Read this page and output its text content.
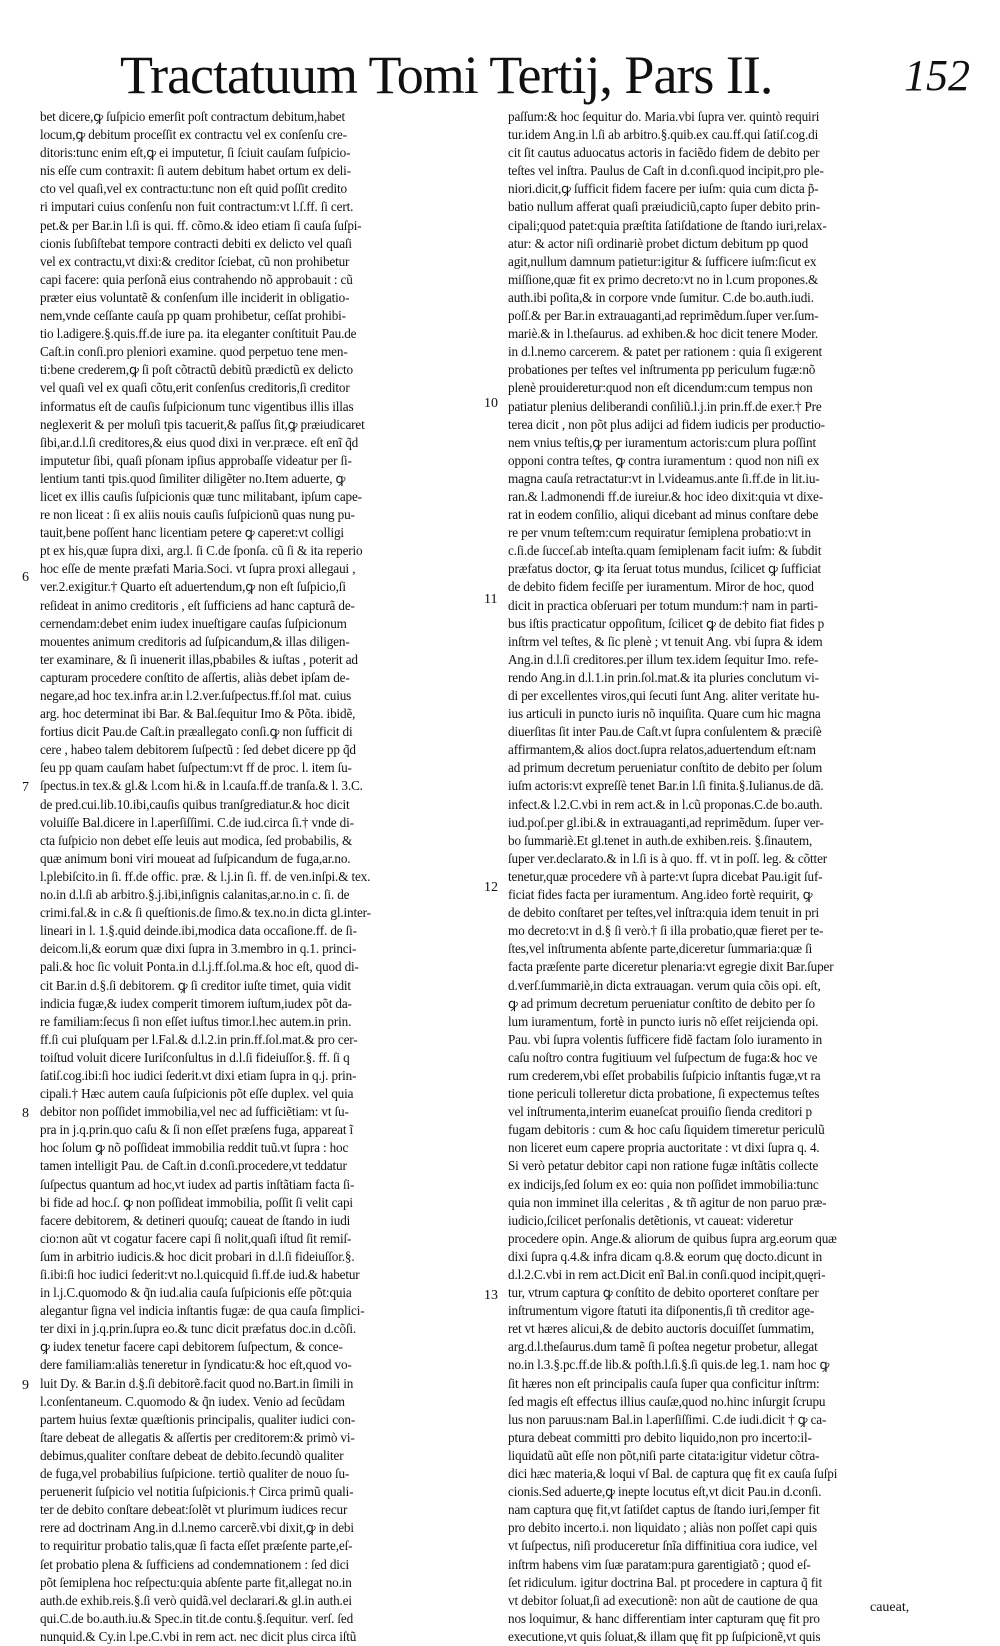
Tractatuum Tomi Tertij, Pars II.	152
bet dicere,ꝙ ſuſpicio emerſit poſt contractum debitum,habet
locum,ꝙ debitum proceſſit ex contractu vel ex conſenſu cre-
ditoris:tunc enim eſt,ꝙ ei imputetur, ſi ſciuit cauſam ſuſpicio-
nis eſſe cum contraxit: ſi autem debitum habet ortum ex deli-
cto vel quaſi,vel ex contractu:tunc non eſt quid poſſit credito
ri imputari cuius conſenſu non fuit contractum:vt l.ſ.ff. ſi cert.
pet.& per Bar.in l.ſi is qui. ff. cõmo.& ideo etiam ſi cauſa ſuſpi-
cionis ſubſiſtebat tempore contracti debiti ex delicto vel quaſi
vel ex contractu,vt dixi:& creditor ſciebat, cũ non prohibetur
capi facere: quia perſonã eius contrahendo nõ approbauit : cũ
præter eius voluntatẽ & conſenſum ille inciderit in obligatio-
nem,vnde ceſſante cauſa pp quam prohibetur, ceſſat prohibi-
tio l.adigere.§.quis.ff.de iure pa. ita eleganter conſtituit Pau.de
Caſt.in conſi.pro pleniori examine. quod perpetuo tene men-
ti:bene crederem,ꝙ ſi poſt cõtractũ debitũ prædictũ ex delicto
vel quaſi vel ex quaſi cõtu,erit conſenſus creditoris,ſi creditor
informatus eſt de cauſis ſuſpicionum tunc vigentibus illis illas
neglexerit & per moluſi tpis tacuerit,& paſſus ſit,ꝙ præiudicaret
ſibi,ar.d.l.ſi creditores,& eius quod dixi in ver.præce. eſt enĩ q̃d
imputetur ſibi, quaſi pſonam ipſius approbaſſe videatur per ſi-
lentium tanti tpis.quod ſimiliter diligẽter no.Item aduerte, ꝙ
licet ex illis cauſis ſuſpicionis quæ tunc militabant, ipſum cape-
re non liceat : ſi ex aliis nouis cauſis ſuſpicionũ quas nung pu-
tauit,bene poſſent hanc licentiam petere ꝙ caperet:vt colligi
pt ex his,quæ ſupra dixi, arg.l. ſi C.de ſponſa. cũ ſi & ita reperio
hoc eſſe de mente præfati Maria.Soci. vt ſupra proxi allegaui ,
ver.2.exigitur.† Quarto eſt aduertendum,ꝙ non eſt ſuſpicio,ſi
reſideat in animo creditoris , eſt ſufficiens ad hanc capturã de-
cernendam:debet enim iudex inueſtigare cauſas ſuſpicionum
mouentes animum creditoris ad ſuſpicandum,& illas diligen-
ter examinare, & ſi inuenerit illas,pbabiles & iuſtas , poterit ad
capturam procedere conſtito de aſſertis, aliàs debet ipſam de-
negare,ad hoc tex.infra ar.in l.2.ver.ſuſpectus.ff.ſol mat. cuius
arg. hoc determinat ibi Bar. & Bal.ſequitur Imo & Põta. ibidẽ,
fortius dicit Pau.de Caſt.in præallegato conſi.ꝙ non ſufficit di
cere , habeo talem debitorem ſuſpectũ : ſed debet dicere pp q̃d
ſeu pp quam cauſam habet ſuſpectum:vt ff de proc. l. item ſu-
ſpectus.in tex.& gl.& l.com hi.& in l.cauſa.ff.de tranſa.& l. 3.C.
de pred.cui.lib.10.ibi,cauſis quibus tranſgrediatur.& hoc dicit
voluiſſe Bal.dicere in l.aperſiſſimi. C.de iud.circa ſi.† vnde di-
cta ſuſpicio non debet eſſe leuis aut modica, ſed probabilis, &
quæ animum boni viri moueat ad ſuſpicandum de fuga,ar.no.
l.plebiſcito.in ſi. ff.de offic. præ. & l.j.in ſi. ff. de ven.inſpi.& tex.
no.in d.l.ſi ab arbitro.§.j.ibi,inſignis calanitas,ar.no.in c. ſi. de
crimi.fal.& in c.& ſi queſtionis.de ſimo.& tex.no.in dicta gl.inter-
lineari in l. 1.§.quid deinde.ibi,modica data occaſione.ff. de ſi-
deicom.li,& eorum quæ dixi ſupra in 3.membro in q.1. princi-
pali.& hoc ſic voluit Ponta.in d.l.j.ff.ſol.ma.& hoc eſt, quod di-
cit Bar.in d.§.ſi debitorem. ꝙ ſi creditor iuſte timet, quia vidit
indicia fugæ,& iudex comperit timorem iuſtum,iudex põt da-
re familiam:ſecus ſi non eſſet iuſtus timor.l.hec autem.in prin.
ff.ſi cui pluſquam per l.Fal.& d.l.2.in prin.ff.ſol.mat.& pro cer-
toiſtud voluit dicere Iuriſconſultus in d.l.ſi fideiuſſor.§. ff. ſi q
ſatiſ.cog.ibi:ſi hoc iudici ſederit.vt dixi etiam ſupra in q.j. prin-
cipali.† Hæc autem cauſa ſuſpicionis põt eſſe duplex. vel quia
debitor non poſſidet immobilia,vel nec ad ſufficiẽtiam: vt ſu-
pra in j.q.prin.quo caſu & ſi non eſſet præſens fuga, appareat ĩ
hoc ſolum ꝙ nõ poſſideat immobilia reddit tuũ.vt ſupra : hoc
tamen intelligit Pau. de Caſt.in d.conſi.procedere,vt teddatur
ſuſpectus quantum ad hoc,vt iudex ad partis inſtãtiam facta ſi-
bi fide ad hoc.ſ. ꝙ non poſſideat immobilia, poſſit ſi velit capi
facere debitorem, & detineri quouſq; caueat de ſtando in iudi
cio:non aũt vt cogatur facere capi ſi nolit,quaſi iſtud ſit remiſ-
ſum in arbitrio iudicis.& hoc dicit probari in d.l.ſi fideiuſſor.§.
ſi.ibi:ſi hoc iudici ſederit:vt no.l.quicquid ſi.ff.de iud.& habetur
in l.j.C.quomodo & q̃n iud.alia cauſa ſuſpicionis eſſe põt:quia
alegantur ſigna vel indicia inſtantis fugæ: de qua cauſa ſimplici-
ter dixi in j.q.prin.ſupra eo.& tunc dicit præfatus doc.in d.cõſi.
ꝙ iudex tenetur facere capi debitorem ſuſpectum, & conce-
dere familiam:aliàs teneretur in ſyndicatu:& hoc eſt,quod vo-
luit Dy. & Bar.in d.§.ſi debitorẽ.facit quod no.Bart.in ſimili in
l.conſentaneum. C.quomodo & q̃n iudex. Venio ad ſecũdam
partem huius ſextæ quæſtionis principalis, qualiter iudici con-
ſtare debeat de allegatis & aſſertis per creditorem:& primò vi-
debimus,qualiter conſtare debeat de debito.ſecundò qualiter
de fuga,vel probabilius ſuſpicione. tertiò qualiter de nouo ſu-
peruenerit ſuſpicio vel notitia ſuſpicionis.† Circa primũ quali-
ter de debito conſtare debeat:ſolẽt vt plurimum iudices recur
rere ad doctrinam Ang.in d.l.nemo carcerẽ.vbi dixit,ꝙ in debi
to requiritur probatio talis,quæ ſi facta eſſet præſente parte,eſ-
ſet probatio plena & ſufficiens ad condemnationem : ſed dici
põt ſemiplena hoc reſpectu:quia abſente parte fit,allegat no.in
auth.de exhib.reis.§.ſi verò quidã.vel declarari.& gl.in auth.ei
qui.C.de bo.auth.iu.& Spec.in tit.de contu.§.ſequitur. verſ. ſed
nunquid.& Cy.in l.pe.C.vbi in rem act. nec dicit plus circa iſtũ
paſſum:& hoc ſequitur do. Maria.vbi ſupra ver. quintò requiri
tur.idem Ang.in l.ſi ab arbitro.§.quib.ex cau.ff.qui ſatiſ.cog.di
cit ſit cautus aduocatus actoris in faciẽdo fidem de debito per
teſtes vel inſtra. Paulus de Caſt in d.conſi.quod incipit,pro ple-
niori.dicit,ꝙ ſufficit fidem facere per iuſm: quia cum dicta p̃-
batio nullum afferat quaſi præiudiciũ,capto ſuper debito prin-
cipali;quod patet:quia præſtita ſatiſdatione de ſtando iuri,relax-
atur: & actor niſi ordinariè probet dictum debitum pp quod
agit,nullum damnum patietur:igitur & ſufficere iuſm:ſicut ex
miſſione,quæ fit ex primo decreto:vt no in l.cum propones.&
auth.ibi poſita,& in corpore vnde ſumitur. C.de bo.auth.iudi.
poſſ.& per Bar.in extrauaganti,ad reprimẽdum.ſuper ver.ſum-
mariè.& in l.theſaurus. ad exhiben.& hoc dicit tenere Moder.
in d.l.nemo carcerem. & patet per rationem : quia ſi exigerent
probationes per teſtes vel inſtrumenta pp periculum fugæ:nõ
plenè prouideretur:quod non eſt dicendum:cum tempus non
patiatur plenius deliberandi conſiliũ.l.j.in prin.ff.de exer.† Pre
terea dicit , non põt plus adijci ad fidem iudicis per productio-
nem vnius teſtis,ꝙ per iuramentum actoris:cum plura poſſint
opponi contra teſtes, ꝙ contra iuramentum : quod non niſi ex
magna cauſa retractatur:vt in l.videamus.ante ſi.ff.de in lit.iu-
ran.& l.admonendi ff.de iureiur.& hoc ideo dixit:quia vt dixe-
rat in eodem conſilio, aliqui dicebant ad minus conſtare debe
re per vnum teſtem:cum requiratur ſemiplena probatio:vt in
c.ſi.de ſucceſ.ab inteſta.quam ſemiplenam facit iuſm: & ſubdit
præfatus doctor, ꝙ ita ſeruat totus mundus, ſcilicet ꝙ ſufficiat
de debito fidem feciſſe per iuramentum. Miror de hoc, quod
dicit in practica obſeruari per totum mundum:† nam in parti-
bus iſtis practicatur oppoſitum, ſcilicet ꝙ de debito fiat fides p
inſtrm vel teſtes, & ſic plenè ; vt tenuit Ang. vbi ſupra & idem
Ang.in d.l.ſi creditores.per illum tex.idem ſequitur Imo. refe-
rendo Ang.in d.l.1.in prin.ſol.mat.& ita pluries conclutum vi-
di per excellentes viros,qui ſecuti ſunt Ang. aliter veritate hu-
ius articuli in puncto iuris nõ inquiſita. Quare cum hic magna
diuerſitas ſit inter Pau.de Caſt.vt ſupra conſulentem & præciſè
affirmantem,& alios doct.ſupra relatos,aduertendum eſt:nam
ad primum decretum perueniatur conſtito de debito per ſolum
iuſm actoris:vt expreſſè tenet Bar.in l.ſi finita.§.Iulianus.de dã.
infect.& l.2.C.vbi in rem act.& in l.cũ proponas.C.de bo.auth.
iud.poſ.per gl.ibi.& in extrauaganti,ad reprimẽdum. ſuper ver-
bo ſummariè.Et gl.tenet in auth.de exhiben.reis. §.ſinautem,
ſuper ver.declarato.& in l.ſi is à quo. ff. vt in poſſ. leg. & cõtter
tenetur,quæ procedere vñ à parte:vt ſupra dicebat Pau.igit ſuf-
ficiat fides facta per iuramentum. Ang.ideo fortè requirit, ꝙ
de debito conſtaret per teſtes,vel inſtra:quia idem tenuit in pri
mo decreto:vt in d.§ ſi verò.† ſi illa probatio,quæ fieret per te-
ſtes,vel inſtrumenta abſente parte,diceretur ſummaria:quæ ſi
facta præſente parte diceretur plenaria:vt egregie dixit Bar.ſuper
d.verſ.ſummariè,in dicta extrauagan. verum quia cõis opi. eſt,
ꝙ ad primum decretum perueniatur conſtito de debito per ſo
lum iuramentum, fortè in puncto iuris nõ eſſet reijcienda opi.
Pau. vbi ſupra volentis ſufficere fidẽ factam ſolo iuramento in
caſu noſtro contra fugitiuum vel ſuſpectum de fuga:& hoc ve
rum crederem,vbi eſſet probabilis ſuſpicio inſtantis fugæ,vt ra
tione periculi tolleretur dicta probatione, ſi expectemus teſtes
vel inſtrumenta,interim euaneſcat prouiſio ſienda creditori p
fugam debitoris : cum & hoc caſu ſiquidem timeretur periculũ
non liceret eum capere propria auctoritate : vt dixi ſupra q. 4.
Si verò petatur debitor capi non ratione fugæ inſtãtis collecte
ex indicijs,ſed ſolum ex eo: quia non poſſidet immobilia:tunc
quia non imminet illa celeritas , & tñ agitur de non paruo præ-
iudicio,ſcilicet perſonalis detẽtionis, vt caueat: videretur
procedere opin. Ange.& aliorum de quibus ſupra arg.eorum quæ
dixi ſupra q.4.& infra dicam q.8.& eorum quę docto.dicunt in
d.l.2.C.vbi in rem act.Dicit enĩ Bal.in conſi.quod incipit,quęri-
tur, vtrum captura ꝙ conſtito de debito oporteret conſtare per
inſtrumentum vigore ſtatuti ita diſponentis,ſi tñ creditor age-
ret vt hæres alicui,& de debito auctoris docuiſſet ſummatim,
arg.d.l.theſaurus.dum tamẽ ſi poſtea negetur probetur, allegat
no.in l.3.§.pc.ff.de lib.& poſth.l.ſi.§.ſi quis.de leg.1. nam hoc ꝙ
ſit hæres non eſt principalis cauſa ſuper qua conficitur inſtrm:
ſed magis eſt effectus illius cauſæ,quod no.hinc inſurgit ſcrupu
lus non paruus:nam Bal.in l.aperſiſſimi. C.de iudi.dicit † ꝙ ca-
ptura debeat committi pro debito liquido,non pro incerto:il-
liquidatũ aũt eſſe non põt,niſi parte citata:igitur videtur cõtra-
dici hæc materia,& loqui vſ Bal. de captura quę fit ex cauſa ſuſpi
cionis.Sed aduerte,ꝙ inepte locutus eſt,vt dicit Pau.in d.conſi.
nam captura quę fit,vt ſatiſdet captus de ſtando iuri,ſemper fit
pro debito incerto.i. non liquidato ; aliàs non poſſet capi quis
vt ſuſpectus, niſi produceretur ſnĩa diffinitiua cora iudice, vel
inſtrm habens vim ſuæ paratam:pura garentigiatõ ; quod eſ-
ſet ridiculum. igitur doctrina Bal. pt procedere in captura q̃ fit
vt debitor ſoluat,ſi ad executionẽ: non aũt de cautione de qua
nos loquimur, & hanc differentiam inter capturam quę fit pro
executione,vt quis ſoluat,& illam quę fit pp ſuſpicionẽ,vt quis
6
7
8
9
10
11
12
13
caueat,
